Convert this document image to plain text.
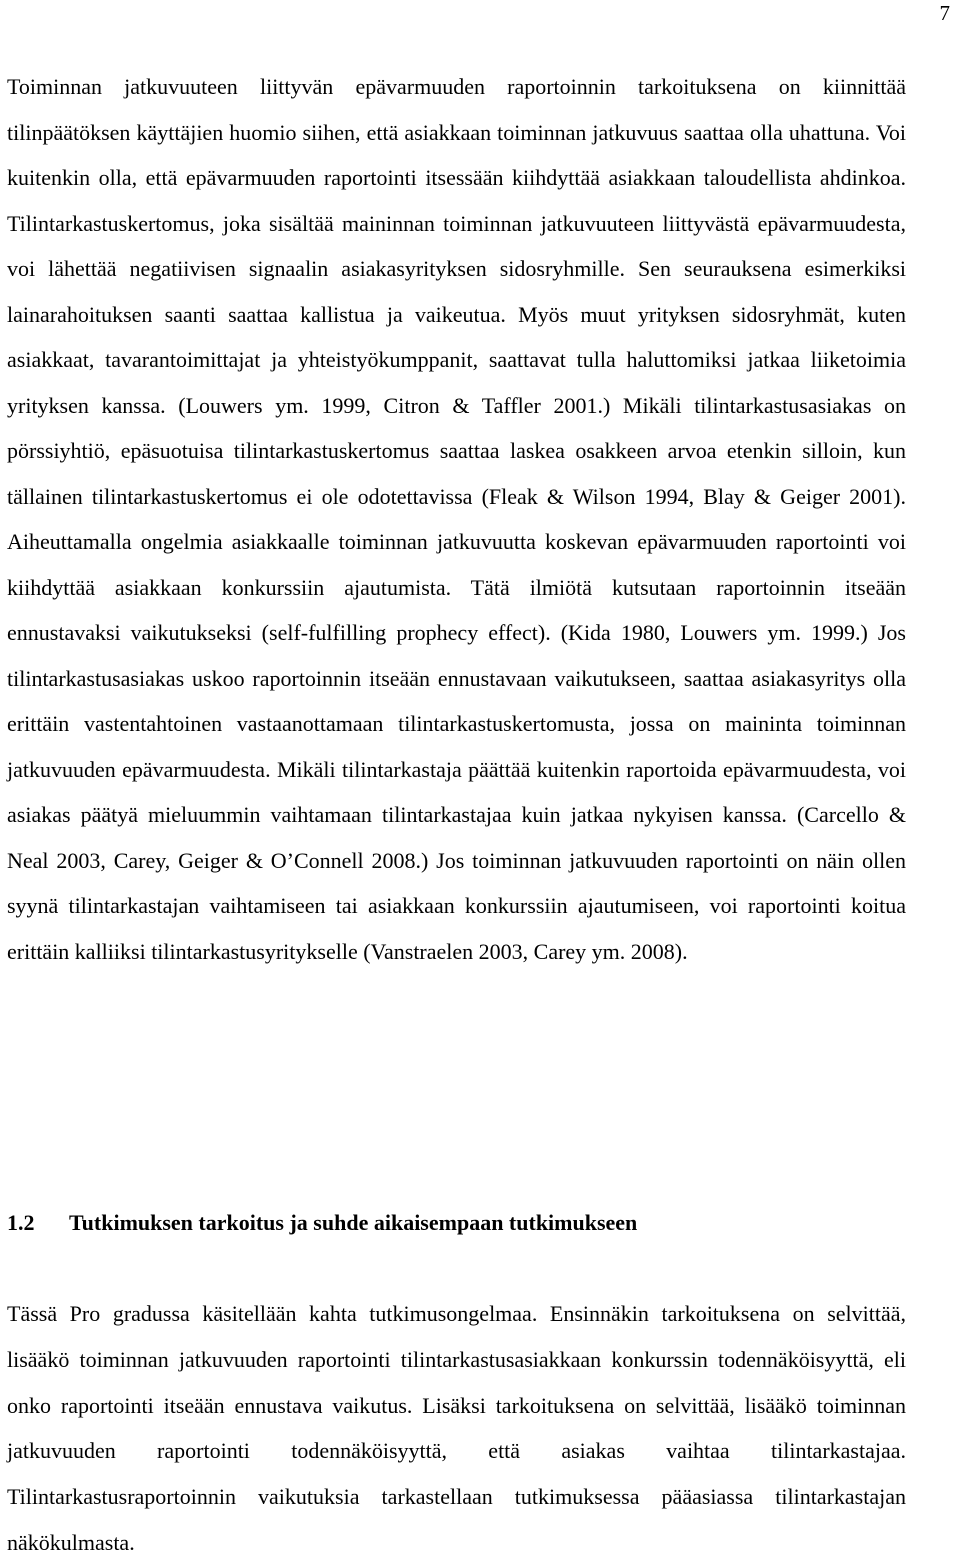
7

Toiminnan jatkuvuuteen liittyvän epävarmuuden raportoinnin tarkoituksena on kiinnittää tilinpäätöksen käyttäjien huomio siihen, että asiakkaan toiminnan jatkuvuus saattaa olla uhattuna. Voi kuitenkin olla, että epävarmuuden raportointi itsessään kiihdyttää asiakkaan taloudellista ahdinkoa. Tilintarkastuskertomus, joka sisältää maininnan toiminnan jatkuvuuteen liittyvästä epävarmuudesta, voi lähettää negatiivisen signaalin asiakasyrityksen sidosryhmille. Sen seurauksena esimerkiksi lainarahoituksen saanti saattaa kallistua ja vaikeutua. Myös muut yrityksen sidosryhmät, kuten asiakkaat, tavarantoimittajat ja yhteistyökumppanit, saattavat tulla haluttomiksi jatkaa liiketoimia yrityksen kanssa. (Louwers ym. 1999, Citron & Taffler 2001.) Mikäli tilintarkastusasiakas on pörssiyhtiö, epäsuotuisa tilintarkastuskertomus saattaa laskea osakkeen arvoa etenkin silloin, kun tällainen tilintarkastuskertomus ei ole odotettavissa (Fleak & Wilson 1994, Blay & Geiger 2001). Aiheuttamalla ongelmia asiakkaalle toiminnan jatkuvuutta koskevan epävarmuuden raportointi voi kiihdyttää asiakkaan konkurssiin ajautumista. Tätä ilmiötä kutsutaan raportoinnin itseään ennustavaksi vaikutukseksi (self-fulfilling prophecy effect). (Kida 1980, Louwers ym. 1999.) Jos tilintarkastusasiakas uskoo raportoinnin itseään ennustavaan vaikutukseen, saattaa asiakasyritys olla erittäin vastentahtoinen vastaanottamaan tilintarkastuskertomusta, jossa on maininta toiminnan jatkuvuuden epävarmuudesta. Mikäli tilintarkastaja päättää kuitenkin raportoida epävarmuudesta, voi asiakas päätyä mieluummin vaihtamaan tilintarkastajaa kuin jatkaa nykyisen kanssa. (Carcello & Neal 2003, Carey, Geiger & O’Connell 2008.) Jos toiminnan jatkuvuuden raportointi on näin ollen syynä tilintarkastajan vaihtamiseen tai asiakkaan konkurssiin ajautumiseen, voi raportointi koitua erittäin kalliiksi tilintarkastusyritykselle (Vanstraelen 2003, Carey ym. 2008).

1.2 Tutkimuksen tarkoitus ja suhde aikaisempaan tutkimukseen

Tässä Pro gradussa käsitellään kahta tutkimusongelmaa. Ensinnäkin tarkoituksena on selvittää, lisääkö toiminnan jatkuvuuden raportointi tilintarkastusasiakkaan konkurssin todennäköisyyttä, eli onko raportointi itseään ennustava vaikutus. Lisäksi tarkoituksena on selvittää, lisääkö toiminnan jatkuvuuden raportointi todennäköisyyttä, että asiakas vaihtaa tilintarkastajaa. Tilintarkastusraportoinnin vaikutuksia tarkastellaan tutkimuksessa pääasiassa tilintarkastajan näkökulmasta.
